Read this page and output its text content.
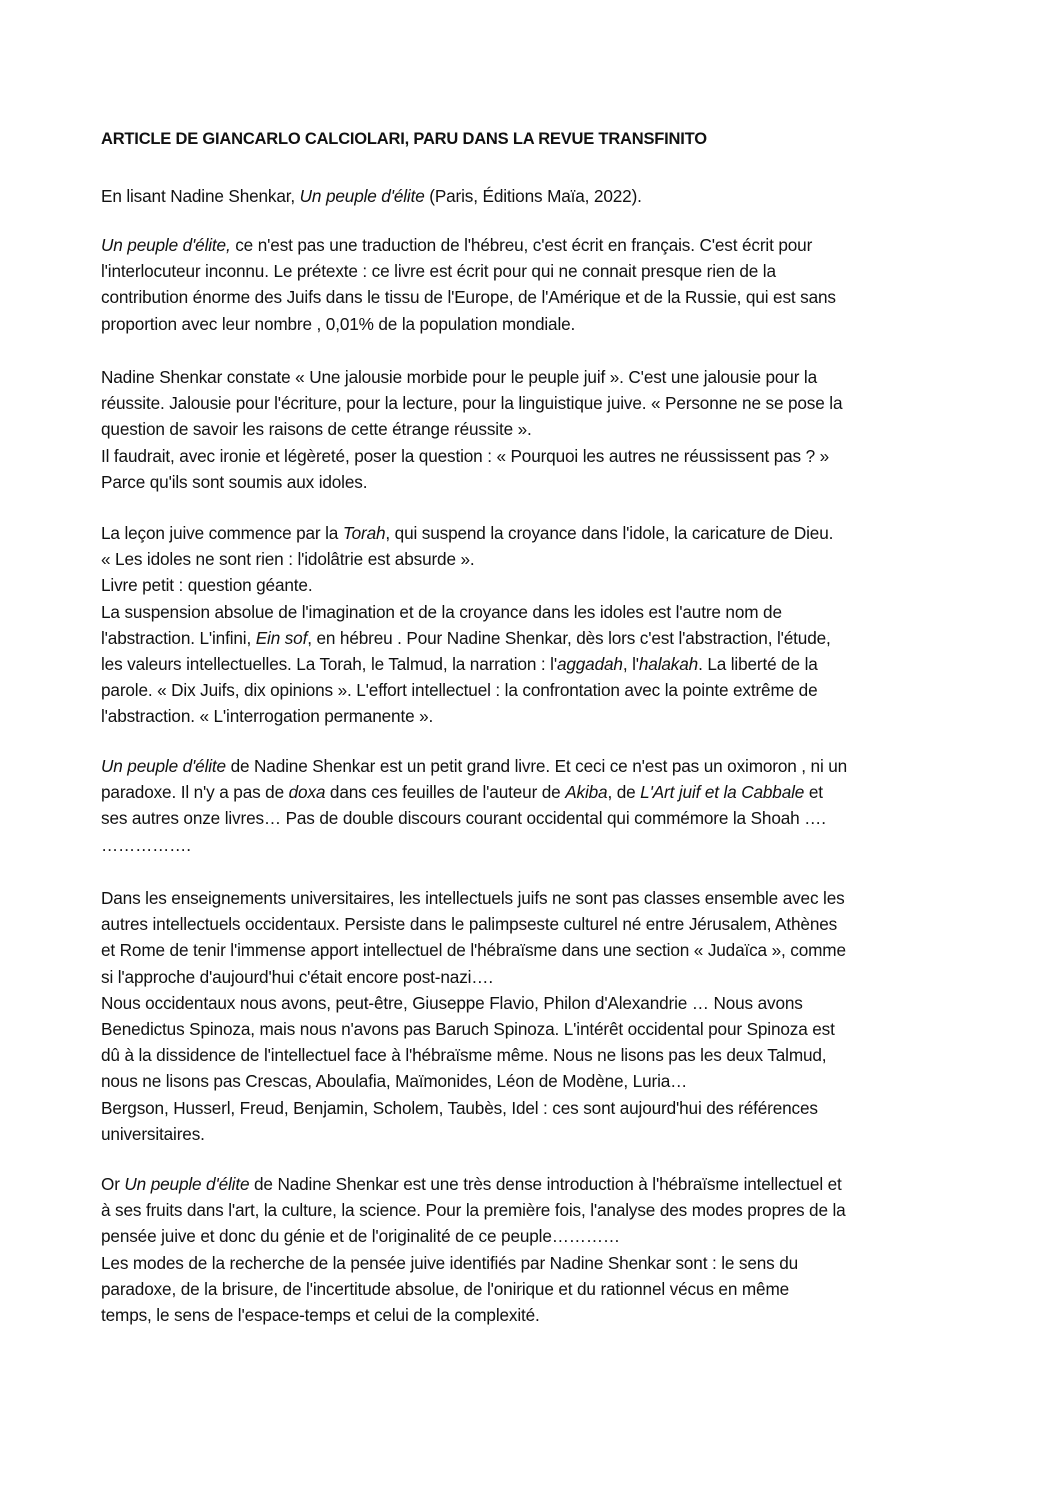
ARTICLE DE GIANCARLO CALCIOLARI, PARU DANS LA REVUE TRANSFINITO

En lisant Nadine Shenkar, Un peuple d'élite (Paris, Éditions Maïa, 2022).

Un peuple d'élite, ce n'est pas une traduction de l'hébreu, c'est écrit en français. C'est écrit pour
l'interlocuteur inconnu. Le prétexte : ce livre est écrit pour qui ne connait presque rien de la
contribution énorme des Juifs dans le tissu de l'Europe, de l'Amérique et de la Russie, qui est sans
proportion avec leur nombre , 0,01% de la population mondiale.

Nadine Shenkar constate « Une jalousie morbide pour le peuple juif ». C'est une jalousie pour la
réussite. Jalousie pour l'écriture, pour la lecture, pour la linguistique juive. « Personne ne se pose la
question de savoir les raisons de cette étrange réussite ».
Il faudrait, avec ironie et légèreté, poser la question : « Pourquoi les autres ne réussissent pas ? »
Parce qu'ils sont soumis aux idoles.

La leçon juive commence par la Torah, qui suspend la croyance dans l'idole, la caricature de Dieu.
« Les idoles ne sont rien : l'idolâtrie est absurde ».
Livre petit : question géante.
La suspension absolue de l'imagination et de la croyance dans les idoles est l'autre nom de
l'abstraction. L'infini, Ein sof, en hébreu . Pour Nadine Shenkar, dès lors c'est l'abstraction, l'étude,
les valeurs intellectuelles. La Torah, le Talmud, la narration : l'aggadah, l'halakah. La liberté de la
parole. « Dix Juifs, dix opinions ». L'effort intellectuel : la confrontation avec la pointe extrême de
l'abstraction. « L'interrogation permanente ».

Un peuple d'élite de Nadine Shenkar est un petit grand livre. Et ceci ce n'est pas un oximoron , ni un
paradoxe. Il n'y a pas de doxa dans ces feuilles de l'auteur de Akiba, de L'Art juif et la Cabbale et
ses autres onze livres… Pas de double discours courant occidental qui commémore la Shoah ….
…………….

Dans les enseignements universitaires, les intellectuels juifs ne sont pas classes ensemble avec les
autres intellectuels occidentaux. Persiste dans le palimpseste culturel né entre Jérusalem, Athènes
et Rome de tenir l'immense apport intellectuel de l'hébraïsme dans une section « Judaïca », comme
si l'approche d'aujourd'hui c'était encore post-nazi….
Nous occidentaux nous avons, peut-être, Giuseppe Flavio, Philon d'Alexandrie … Nous avons
Benedictus Spinoza, mais nous n'avons pas Baruch Spinoza. L'intérêt occidental pour Spinoza est
dû à la dissidence de l'intellectuel face à l'hébraïsme même. Nous ne lisons pas les deux Talmud,
nous ne lisons pas Crescas, Aboulafia, Maïmonides, Léon de Modène, Luria…
Bergson, Husserl, Freud, Benjamin, Scholem, Taubès, Idel : ces sont aujourd'hui des références
universitaires.

Or Un peuple d'élite de Nadine Shenkar est une très dense introduction à l'hébraïsme intellectuel et
à ses fruits dans l'art, la culture, la science. Pour la première fois, l'analyse des modes propres de la
pensée juive et donc du génie et de l'originalité de ce peuple…………
Les modes de la recherche de la pensée juive identifiés par Nadine Shenkar sont : le sens du
paradoxe, de la brisure, de l'incertitude absolue, de l'onirique et du rationnel vécus en même
temps, le sens de l'espace-temps et celui de la complexité.
